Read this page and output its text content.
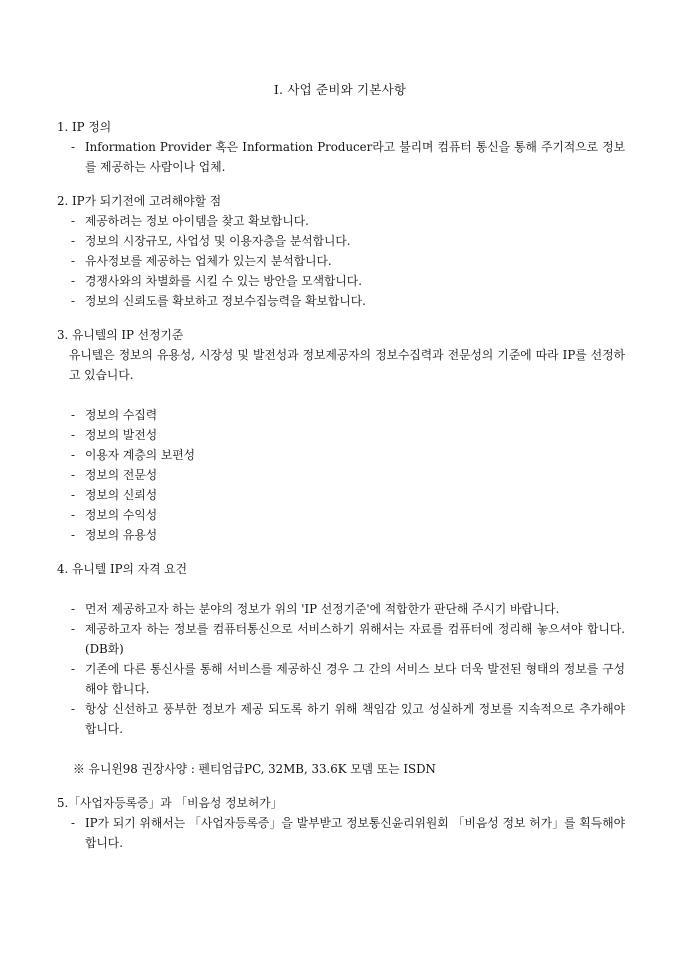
Ⅰ. 사업 준비와 기본사항

1. IP 정의

- Information Provider 혹은 Information Producer라고 불리며 컴퓨터 통신을 통해 주기적으로 정보를 제공하는 사람이나 업체.

2. IP가 되기전에 고려해야할 점

- 제공하려는 정보 아이템을 찾고 확보합니다.

- 정보의 시장규모, 사업성 및 이용자층을 분석합니다.

- 유사정보를 제공하는 업체가 있는지 분석합니다.

- 경쟁사와의 차별화를 시킬 수 있는 방안을 모색합니다.

- 정보의 신뢰도를 확보하고 정보수집능력을 확보합니다.

3. 유니텔의 IP 선정기준

유니텔은 정보의 유용성, 시장성 및 발전성과 정보제공자의 정보수집력과 전문성의 기준에 따라 IP를 선정하고 있습니다.

- 정보의 수집력

- 정보의 발전성

- 이용자 계층의 보편성

- 정보의 전문성

- 정보의 신뢰성

- 정보의 수익성

- 정보의 유용성

4. 유니텔 IP의 자격 요건

- 먼저 제공하고자 하는 분야의 정보가 위의 'IP 선정기준'에 적합한가 판단해 주시기 바랍니다.

- 제공하고자 하는 정보를 컴퓨터통신으로 서비스하기 위해서는 자료를 컴퓨터에 정리해 놓으셔야 합니다. (DB화)

- 기존에 다른 통신사를 통해 서비스를 제공하신 경우 그 간의 서비스 보다 더욱 발전된 형태의 정보를 구성해야 합니다.

- 항상 신선하고 풍부한 정보가 제공 되도록 하기 위해 책임감 있고 성실하게 정보를 지속적으로 추가해야 합니다.

※ 유니윈98 권장사양 : 펜티엄급PC, 32MB, 33.6K 모뎀 또는 ISDN

5.「사업자등록증」과 「비음성 정보허가」

- IP가 되기 위해서는 「사업자등록증」을 발부받고 정보통신윤리위원회 「비음성 정보 허가」를 획득해야 합니다.
